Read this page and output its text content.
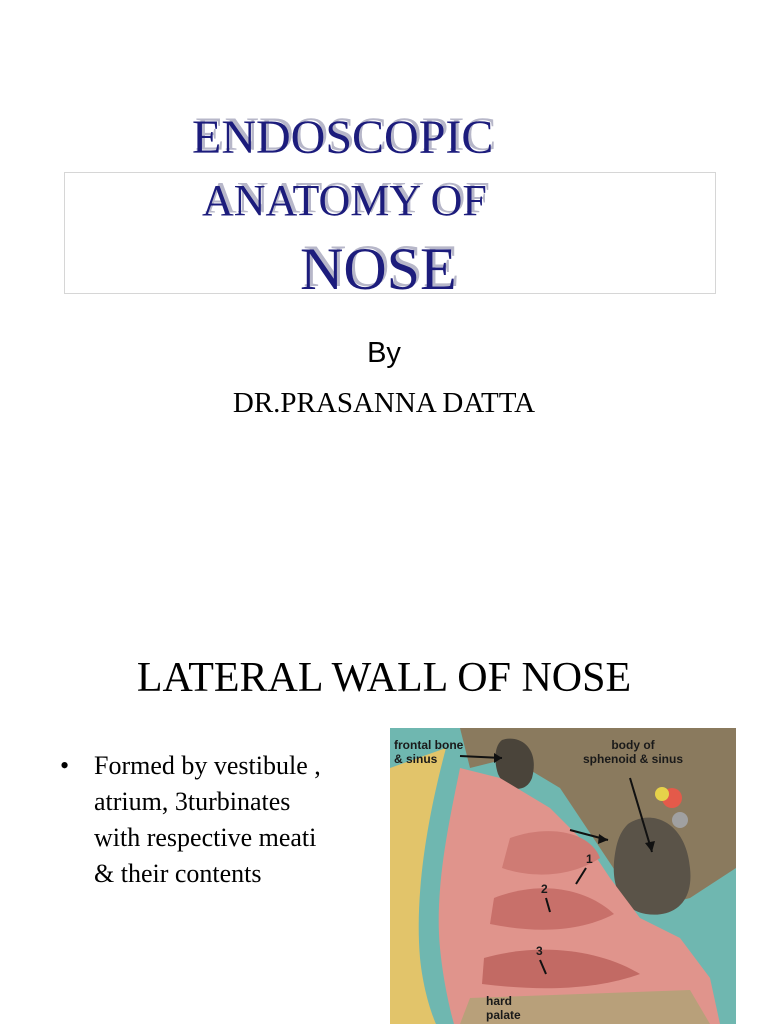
ENDOSCOPIC

ANATOMY OF

NOSE

By
DR.PRASANNA DATTA
LATERAL WALL OF NOSE
• Formed by vestibule ,
atrium, 3turbinates
with respective meati
& their contents
frontal bone
& sinus
body of
sphenoid & sinus
hard
palate
1
2
3
